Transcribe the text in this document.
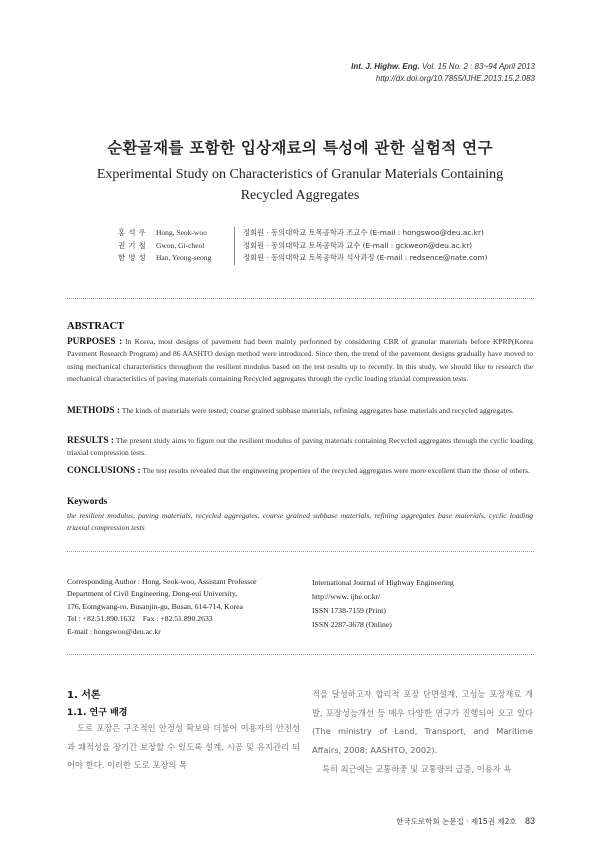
Int. J. Highw. Eng. Vol. 15 No. 2 : 83~94 April 2013
http://dx.doi.org/10.7855/IJHE.2013.15.2.083
순환골재를 포함한 입상재료의 특성에 관한 실험적 연구
Experimental Study on Characteristics of Granular Materials Containing
Recycled Aggregates
홍석우 Hong, Seok-woo	정회원 · 동의대학교 토목공학과 조교수 (E-mail : hongswoo@deu.ac.kr)
권기철 Gwon, Gi-cheol	정회원 · 동의대학교 토목공학과 교수 (E-mail : gckweon@deu.ac.kr)
한영성 Han, Yeong-seong	정회원 · 동의대학교 토목공학과 석사과정 (E-mail : redsence@nate.com)
ABSTRACT
PURPOSES : In Korea, most designs of pavement had been mainly performed by considering CBR of granular materials before KPRP(Korea Pavement Research Program) and 86 AASHTO design method were introduced. Since then, the trend of the pavement designs gradually have moved to using mechanical characteristics throughout the resilient modulus based on the test results up to recently. In this study, we should like to research the mechanical characteristics of paving materials containing Recycled aggregates through the cyclic loading triaxial compression tests.
METHODS : The kinds of materials were tested; coarse grained subbase materials, refining aggregates base materials and recycled aggregates.
RESULTS : The present study aims to figure out the resilient modulus of paving materials containing Recycled aggregates through the cyclic loading triaxial compression tests.
CONCLUSIONS : The test results revealed that the engineering properties of the recycled aggregates were more excellent than the those of others.
Keywords
the resilient modulus, paving materials, recycled aggregates, coarse grained subbase materials, refining aggregates base materials, cyclic loading triaxial compression tests
Corresponding Author : Hong, Seok-woo, Assistant Professor
Department of Civil Engineering, Dong-eui University,
176, Eomgwang-ro, Busanjin-gu, Busan, 614-714, Korea
Tel : +82.51.890.1632    Fax : +82.51.890.2633
E-mail : hongswoo@deu.ac.kr
International Journal of Highway Engineering
http://www. ijhe.or.kr/
ISSN 1738-7159 (Print)
ISSN 2287-3678 (Online)
1. 서론
1.1. 연구 배경
도로 포장은 구조적인 안정성 확보와 더불어 이용자의 안전성과 쾌적성을 장기간 보장할 수 있도록 설계, 시공 및 유지관리 되어야 한다. 이러한 도로 포장의 목
적을 달성하고자 합리적 포장 단면설계, 고성능 포장재료 개발, 포장성능개선 등 매우 다양한 연구가 진행되어 오고 있다(The ministry of Land, Transport, and Maritime Affairs, 2008; AASHTO, 2002).
특히 최근에는 교통하중 및 교통량의 급증, 이용자 욕
한국도로학회 논문집 · 제15권 제2호 83
